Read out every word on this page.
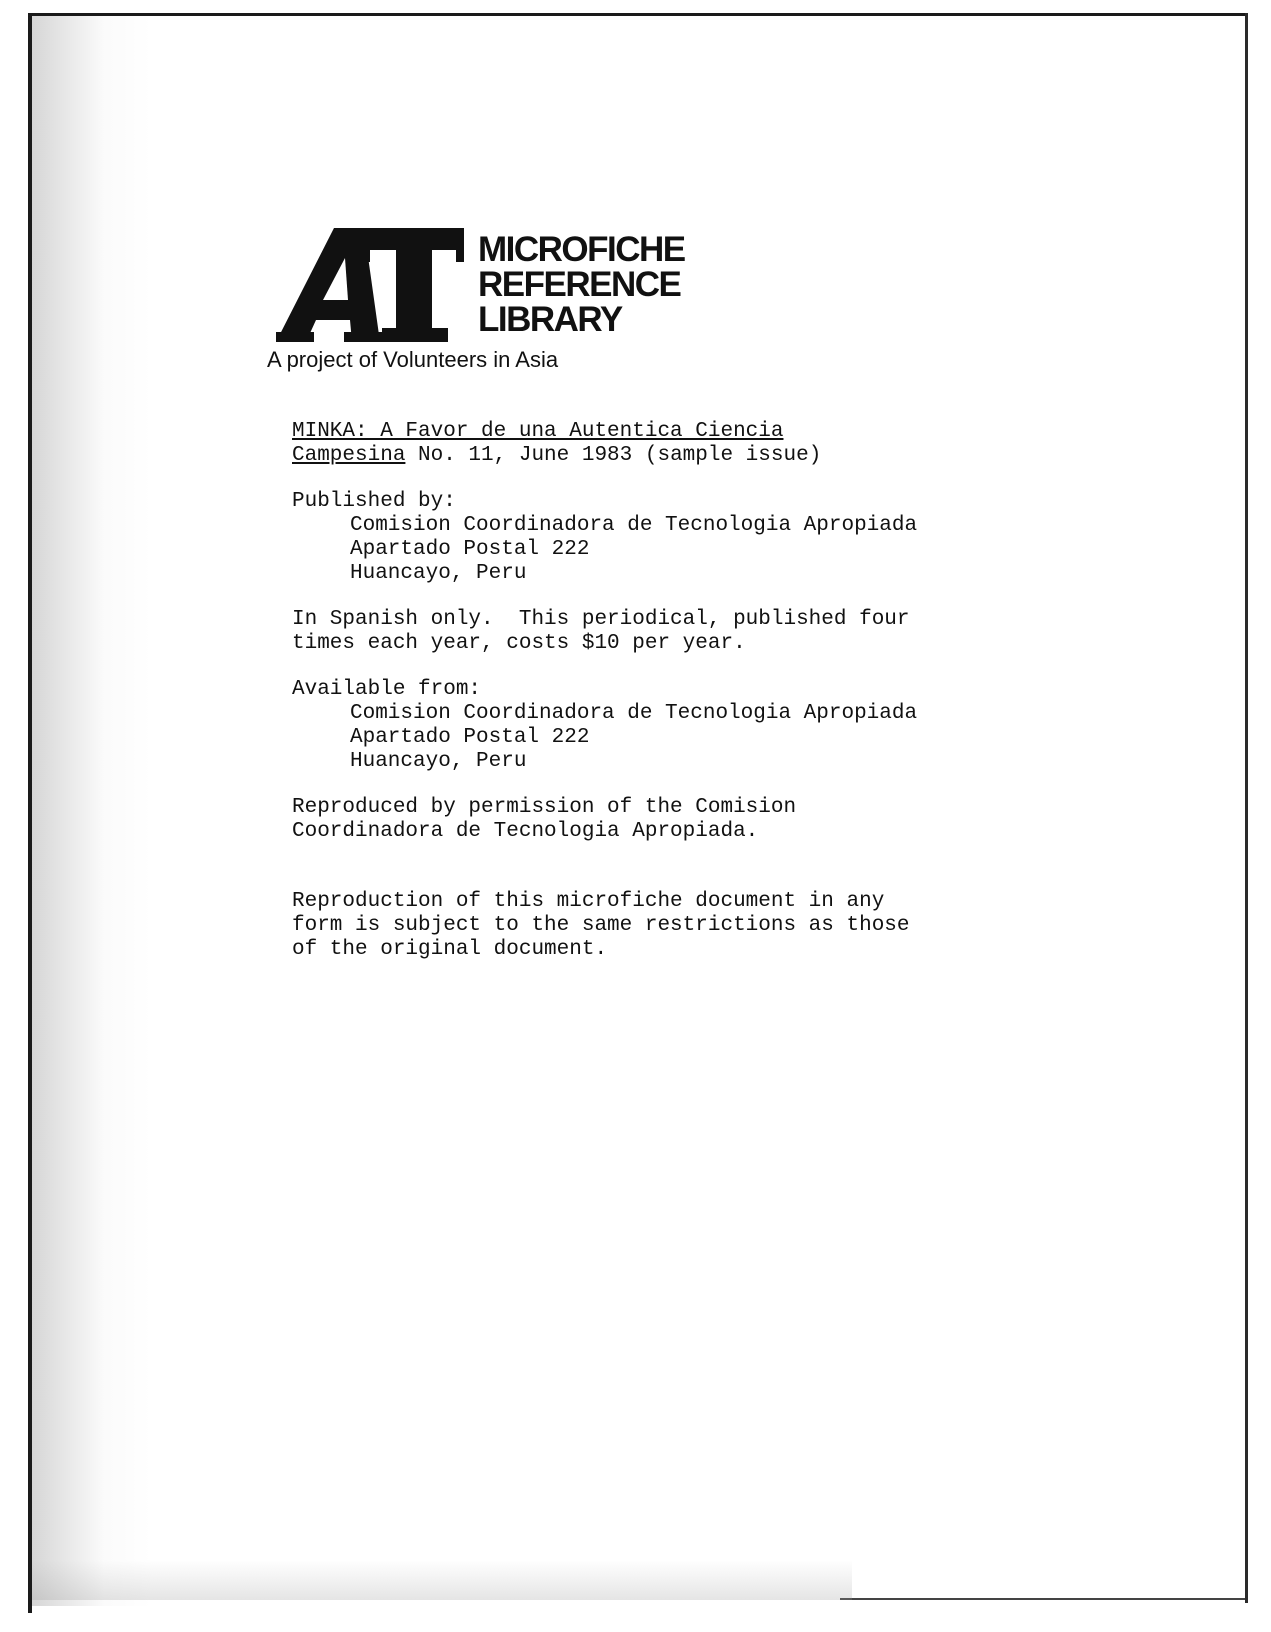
MICROFICHE
REFERENCE
LIBRARY
A project of Volunteers in Asia
MINKA: A Favor de una Autentica Ciencia
Campesina No. 11, June 1983 (sample issue)
Published by:
Comision Coordinadora de Tecnologia Apropiada
Apartado Postal 222
Huancayo, Peru
In Spanish only.  This periodical, published four
times each year, costs $10 per year.
Available from:
Comision Coordinadora de Tecnologia Apropiada
Apartado Postal 222
Huancayo, Peru
Reproduced by permission of the Comision
Coordinadora de Tecnologia Apropiada.
Reproduction of this microfiche document in any
form is subject to the same restrictions as those
of the original document.
